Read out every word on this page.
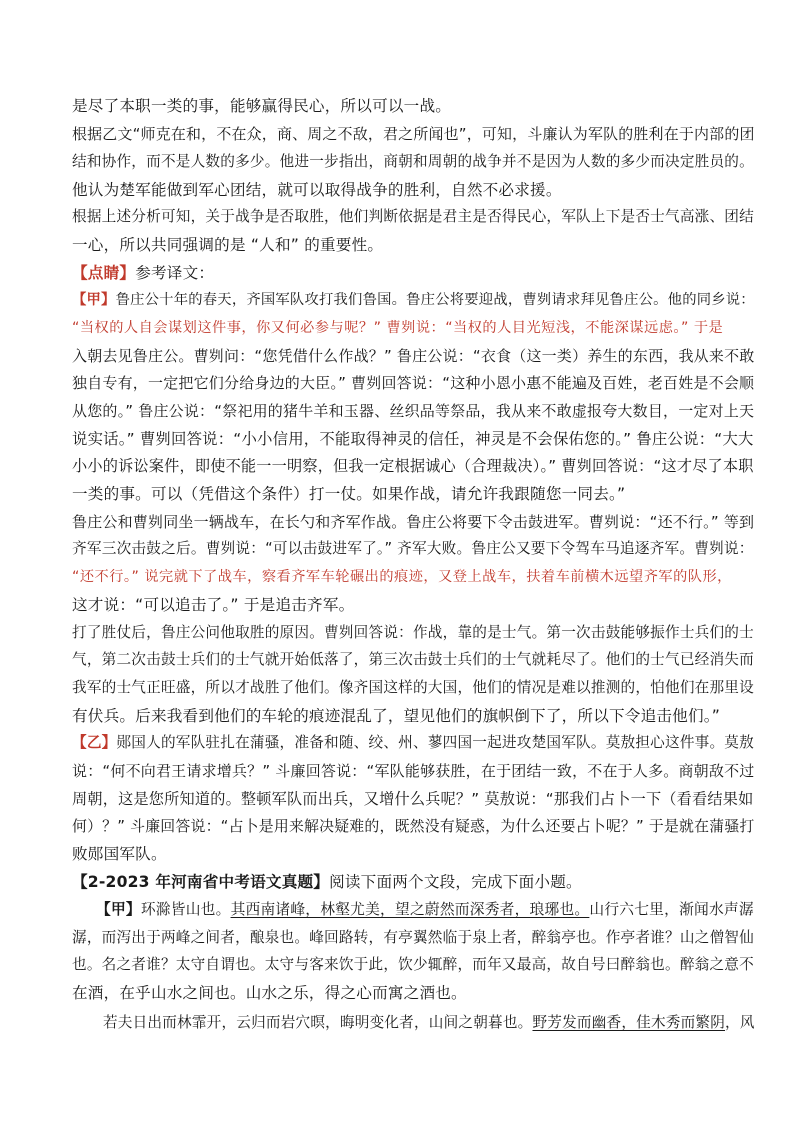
是尽了本职一类的事，能够赢得民心，所以可以一战。
根据乙文“师克在和，不在众，商、周之不敌，君之所闻也”，可知，斗廉认为军队的胜利在于内部的团
结和协作，而不是人数的多少。他进一步指出，商朝和周朝的战争并不是因为人数的多少而决定胜员的。
他认为楚军能做到军心团结，就可以取得战争的胜利，自然不必求援。
根据上述分析可知，关于战争是否取胜，他们判断依据是君主是否得民心，军队上下是否士气高涨、团结
一心，所以共同强调的是 “人和” 的重要性。
【点睛】参考译文：
【甲】鲁庄公十年的春天，齐国军队攻打我们鲁国。鲁庄公将要迎战，曹刿请求拜见鲁庄公。他的同乡说：
“当权的人自会谋划这件事，你又何必参与呢？” 曹刿说：“当权的人目光短浅，不能深谋远虑。” 于是
入朝去见鲁庄公。曹刿问：“您凭借什么作战？” 鲁庄公说：“衣食（这一类）养生的东西，我从来不敢
独自专有，一定把它们分给身边的大臣。” 曹刿回答说：“这种小恩小惠不能遍及百姓，老百姓是不会顺
从您的。” 鲁庄公说：“祭祀用的猪牛羊和玉器、丝织品等祭品，我从来不敢虚报夸大数目，一定对上天
说实话。” 曹刿回答说：“小小信用，不能取得神灵的信任，神灵是不会保佑您的。” 鲁庄公说：“大大
小小的诉讼案件，即使不能一一明察，但我一定根据诚心（合理裁决）。” 曹刿回答说：“这才尽了本职
一类的事。可以（凭借这个条件）打一仗。如果作战，请允许我跟随您一同去。”
鲁庄公和曹刿同坐一辆战车，在长勺和齐军作战。鲁庄公将要下令击鼓进军。曹刿说：“还不行。” 等到
齐军三次击鼓之后。曹刿说：“可以击鼓进军了。” 齐军大败。鲁庄公又要下令驾车马追逐齐军。曹刿说：
“还不行。” 说完就下了战车，察看齐军车轮碾出的痕迹，又登上战车，扶着车前横木远望齐军的队形，
这才说：“可以追击了。” 于是追击齐军。
打了胜仗后，鲁庄公问他取胜的原因。曹刿回答说：作战，靠的是士气。第一次击鼓能够振作士兵们的士
气，第二次击鼓士兵们的士气就开始低落了，第三次击鼓士兵们的士气就耗尽了。他们的士气已经消失而
我军的士气正旺盛，所以才战胜了他们。像齐国这样的大国，他们的情况是难以推测的，怕他们在那里设
有伏兵。后来我看到他们的车轮的痕迹混乱了，望见他们的旗帜倒下了，所以下令追击他们。”
【乙】郧国人的军队驻扎在蒲骚，准备和随、绞、州、蓼四国一起进攻楚国军队。莫敖担心这件事。莫敖
说：“何不向君王请求增兵？” 斗廉回答说：“军队能够获胜，在于团结一致，不在于人多。商朝敌不过
周朝，这是您所知道的。整顿军队而出兵，又增什么兵呢？” 莫敖说：“那我们占卜一下（看看结果如
何）？” 斗廉回答说：“占卜是用来解决疑难的，既然没有疑惑，为什么还要占卜呢？” 于是就在蒲骚打
败郧国军队。
【2-2023 年河南省中考语文真题】阅读下面两个文段，完成下面小题。
【甲】环滁皆山也。其西南诸峰，林壑尤美，望之蔚然而深秀者，琅琊也。山行六七里，渐闻水声潺
潺，而泻出于两峰之间者，酿泉也。峰回路转，有亭翼然临于泉上者，醉翁亭也。作亭者谁？山之僧智仙
也。名之者谁？太守自谓也。太守与客来饮于此，饮少辄醉，而年又最高，故自号曰醉翁也。醉翁之意不
在酒，在乎山水之间也。山水之乐，得之心而寓之酒也。
若夫日出而林霏开，云归而岩穴暝，晦明变化者，山间之朝暮也。野芳发而幽香，佳木秀而繁阴，风
